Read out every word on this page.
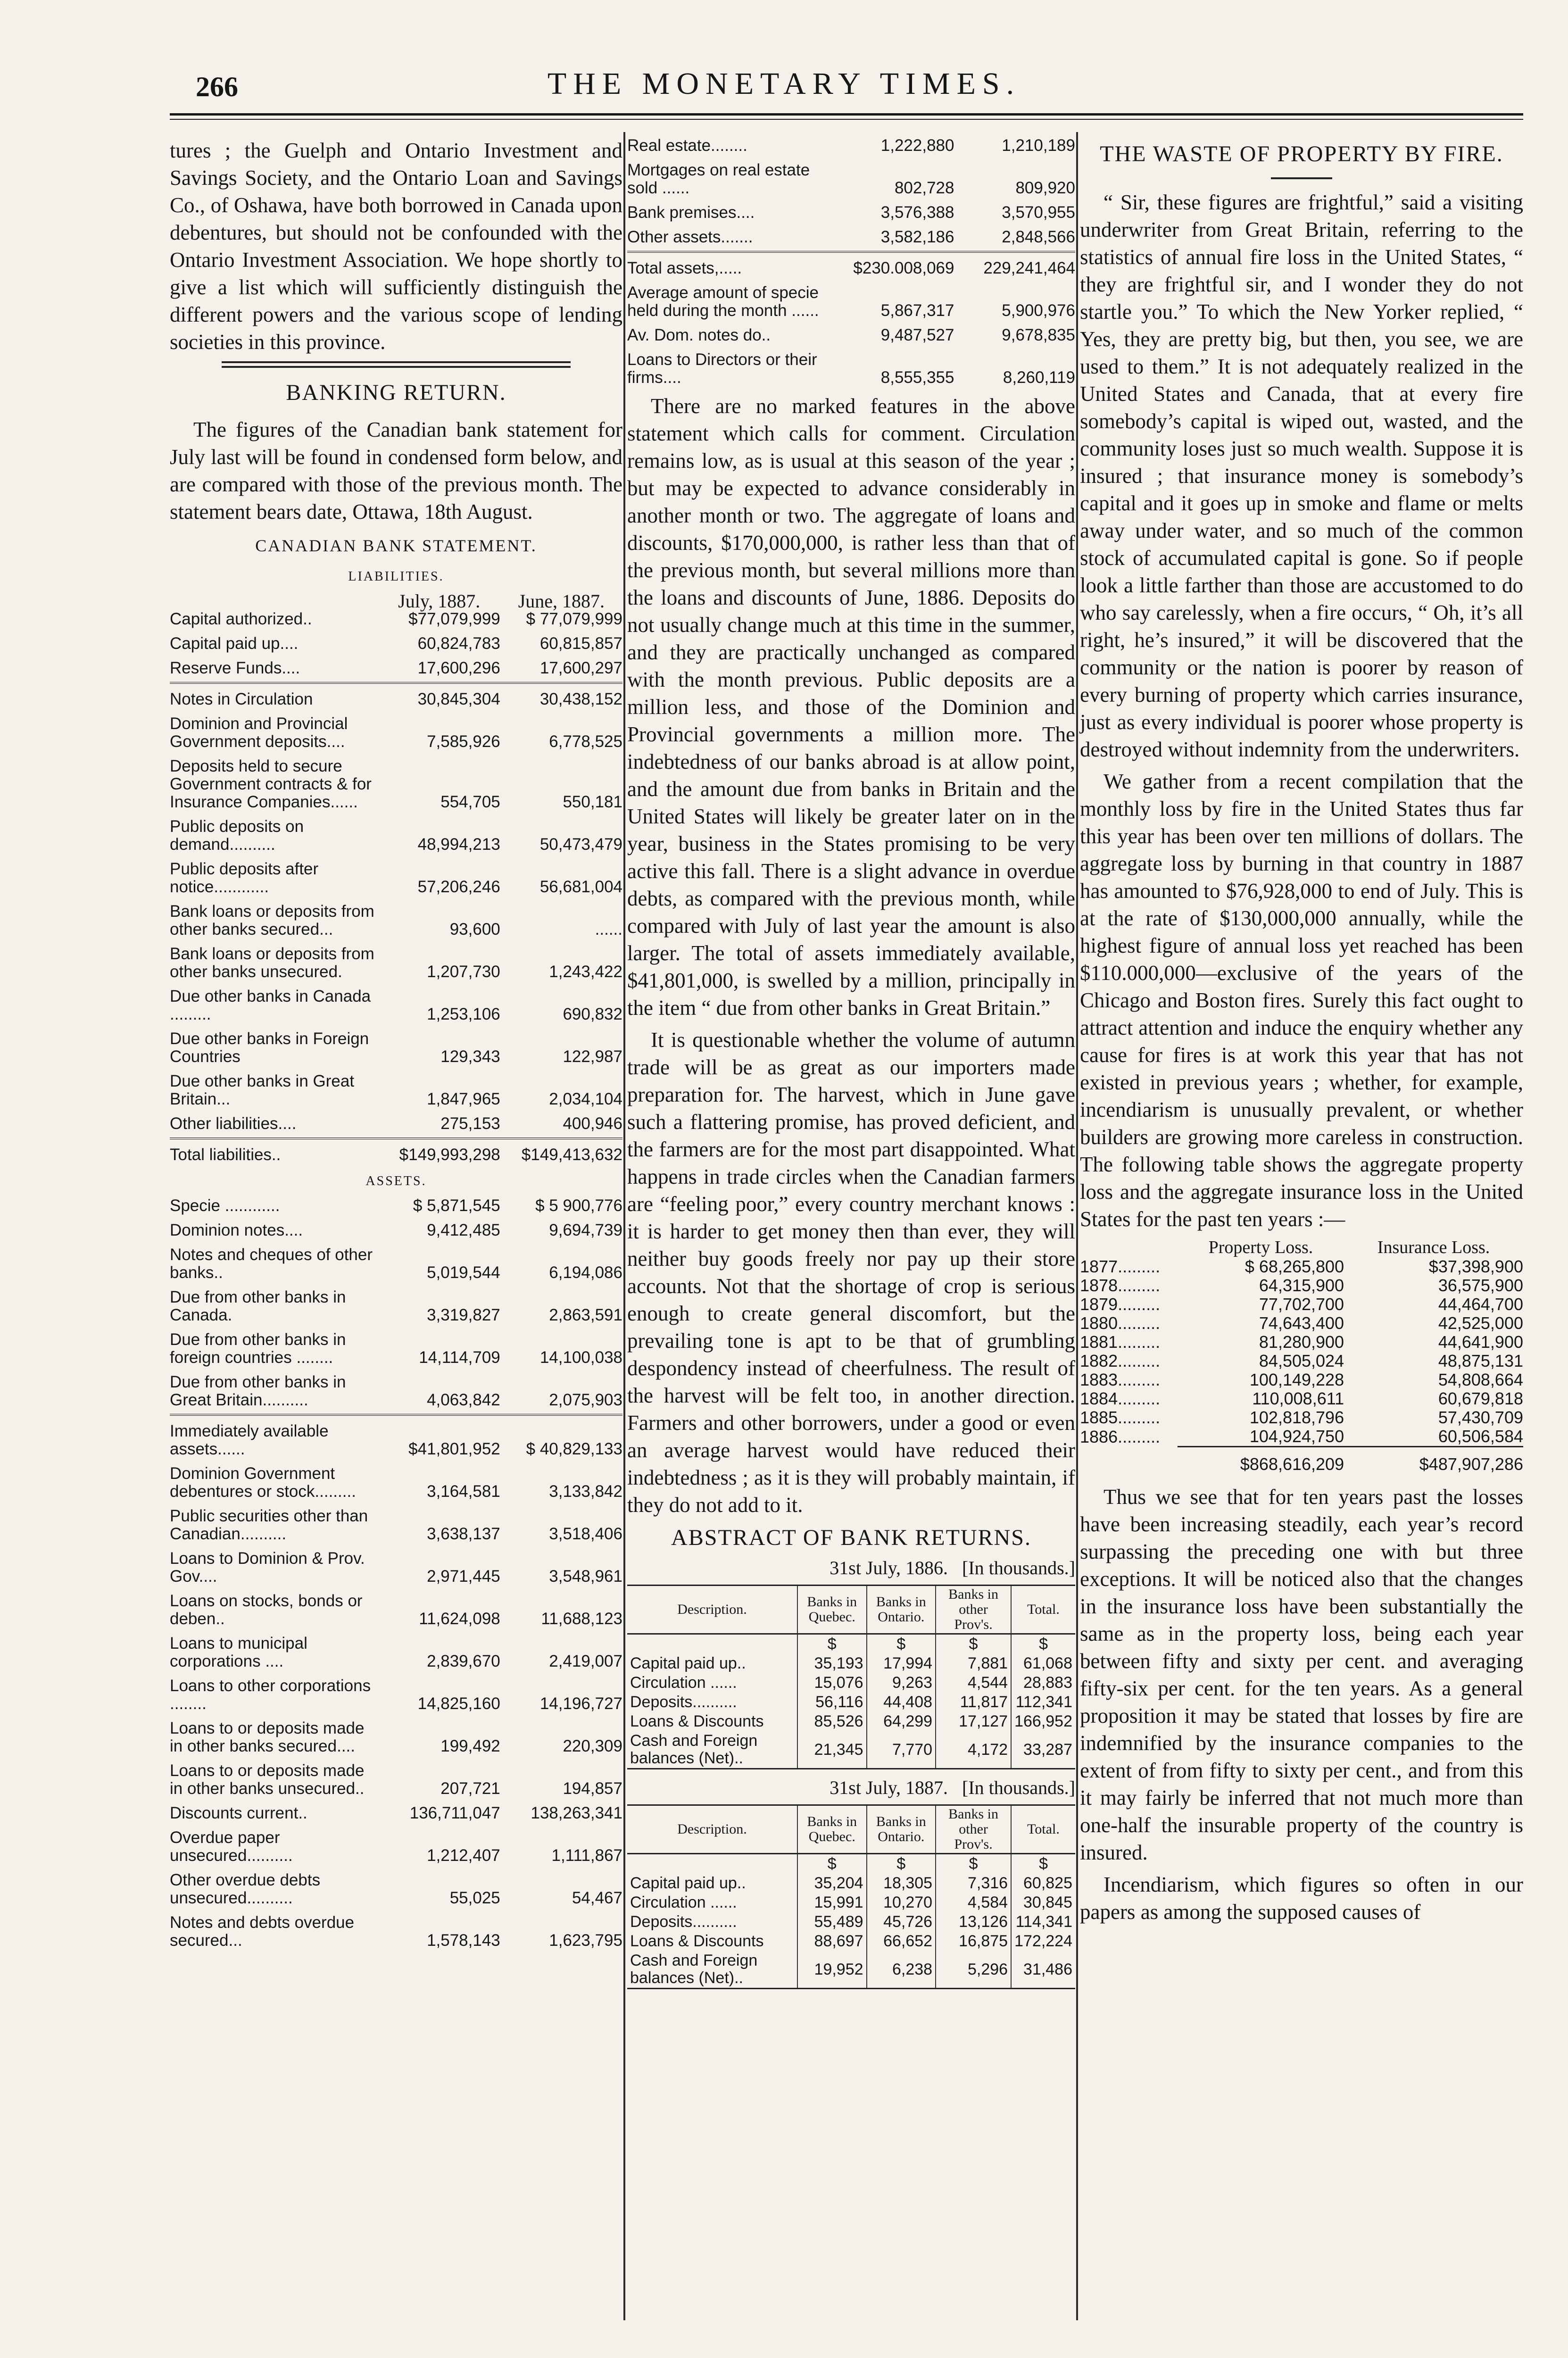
266	THE MONETARY TIMES.

tures ; the Guelph and Ontario Investment and Savings Society, and the Ontario Loan and Savings Co., of Oshawa, have both borrowed in Canada upon debentures, but should not be confounded with the Ontario Investment Association. We hope shortly to give a list which will sufficiently distinguish the different powers and the various scope of lending societies in this province.

BANKING RETURN.

The figures of the Canadian bank statement for July last will be found in condensed form below, and are compared with those of the previous month. The statement bears date, Ottawa, 18th August.

CANADIAN BANK STATEMENT.
LIABILITIES.
	July, 1887.	June, 1887.
Capital authorized..	$77,079,999	$ 77,079,999
Capital paid up....	60,824,783	60,815,857
Reserve Funds....	17,600,296	17,600,297
Notes in Circulation	30,845,304	30,438,152
Dominion and Provincial Government deposits....	7,585,926	6,778,525
Deposits held to secure Government contracts & for Insurance Companies......	554,705	550,181
Public deposits on demand..........	48,994,213	50,473,479
Public deposits after notice............	57,206,246	56,681,004
Bank loans or deposits from other banks secured...	93,600	......
Bank loans or deposits from other banks unsecured.	1,207,730	1,243,422
Due other banks in Canada .........	1,253,106	690,832
Due other banks in Foreign Countries	129,343	122,987
Due other banks in Great Britain...	1,847,965	2,034,104
Other liabilities....	275,153	400,946
Total liabilities..	$149,993,298	$149,413,632
ASSETS.
Specie ............	$ 5,871,545	$ 5 900,776
Dominion notes....	9,412,485	9,694,739
Notes and cheques of other banks..	5,019,544	6,194,086
Due from other banks in Canada.	3,319,827	2,863,591
Due from other banks in foreign countries ........	14,114,709	14,100,038
Due from other banks in Great Britain..........	4,063,842	2,075,903
Immediately available assets......	$41,801,952	$ 40,829,133
Dominion Government debentures or stock.........	3,164,581	3,133,842
Public securities other than Canadian..........	3,638,137	3,518,406
Loans to Dominion & Prov. Gov....	2,971,445	3,548,961
Loans on stocks, bonds or deben..	11,624,098	11,688,123
Loans to municipal corporations ....	2,839,670	2,419,007
Loans to other corporations ........	14,825,160	14,196,727
Loans to or deposits made in other banks secured....	199,492	220,309
Loans to or deposits made in other banks unsecured..	207,721	194,857
Discounts current..	136,711,047	138,263,341
Overdue paper unsecured..........	1,212,407	1,111,867
Other overdue debts unsecured..........	55,025	54,467
Notes and debts overdue secured...	1,578,143	1,623,795
Real estate........	1,222,880	1,210,189
Mortgages on real estate sold ......	802,728	809,920
Bank premises....	3,576,388	3,570,955
Other assets.......	3,582,186	2,848,566
Total assets,.....	$230.008,069	229,241,464
Average amount of specie held during the month ......	5,867,317	5,900,976
Av. Dom. notes do..	9,487,527	9,678,835
Loans to Directors or their firms....	8,555,355	8,260,119

There are no marked features in the above statement which calls for comment. Circulation remains low, as is usual at this season of the year ; but may be expected to advance considerably in another month or two. The aggregate of loans and discounts, $170,000,000, is rather less than that of the previous month, but several millions more than the loans and discounts of June, 1886. Deposits do not usually change much at this time in the summer, and they are practically unchanged as compared with the month previous. Public deposits are a million less, and those of the Dominion and Provincial governments a million more. The indebtedness of our banks abroad is at allow point, and the amount due from banks in Britain and the United States will likely be greater later on in the year, business in the States promising to be very active this fall. There is a slight advance in overdue debts, as compared with the previous month, while compared with July of last year the amount is also larger. The total of assets immediately available, $41,801,000, is swelled by a million, principally in the item “ due from other banks in Great Britain.”

It is questionable whether the volume of autumn trade will be as great as our importers made preparation for. The harvest, which in June gave such a flattering promise, has proved deficient, and the farmers are for the most part disappointed. What happens in trade circles when the Canadian farmers are “feeling poor,” every country merchant knows : it is harder to get money then than ever, they will neither buy goods freely nor pay up their store accounts. Not that the shortage of crop is serious enough to create general discomfort, but the prevailing tone is apt to be that of grumbling despondency instead of cheerfulness. The result of the harvest will be felt too, in another direction. Farmers and other borrowers, under a good or even an average harvest would have reduced their indebtedness ; as it is they will probably maintain, if they do not add to it.

ABSTRACT OF BANK RETURNS.
31st July, 1886. [In thousands.]
Description.	Banks in Quebec.	Banks in Ontario.	Banks in other Prov's.	Total.
	$	$	$	$
Capital paid up..	35,193	17,994	7,881	61,068
Circulation ......	15,076	9,263	4,544	28,883
Deposits..........	56,116	44,408	11,817	112,341
Loans & Discounts	85,526	64,299	17,127	166,952
Cash and Foreign balances (Net)..	21,345	7,770	4,172	33,287
31st July, 1887. [In thousands.]
Description.	Banks in Quebec.	Banks in Ontario.	Banks in other Prov's.	Total.
	$	$	$	$
Capital paid up..	35,204	18,305	7,316	60,825
Circulation ......	15,991	10,270	4,584	30,845
Deposits..........	55,489	45,726	13,126	114,341
Loans & Discounts	88,697	66,652	16,875	172,224
Cash and Foreign balances (Net)..	19,952	6,238	5,296	31,486
THE WASTE OF PROPERTY BY FIRE.

“ Sir, these figures are frightful,” said a visiting underwriter from Great Britain, referring to the statistics of annual fire loss in the United States, “ they are frightful sir, and I wonder they do not startle you.” To which the New Yorker replied, “ Yes, they are pretty big, but then, you see, we are used to them.” It is not adequately realized in the United States and Canada, that at every fire somebody’s capital is wiped out, wasted, and the community loses just so much wealth. Suppose it is insured ; that insurance money is somebody’s capital and it goes up in smoke and flame or melts away under water, and so much of the common stock of accumulated capital is gone. So if people look a little farther than those are accustomed to do who say carelessly, when a fire occurs, “ Oh, it’s all right, he’s insured,” it will be discovered that the community or the nation is poorer by reason of every burning of property which carries insurance, just as every individual is poorer whose property is destroyed without indemnity from the underwriters.

We gather from a recent compilation that the monthly loss by fire in the United States thus far this year has been over ten millions of dollars. The aggregate loss by burning in that country in 1887 has amounted to $76,928,000 to end of July. This is at the rate of $130,000,000 annually, while the highest figure of annual loss yet reached has been $110.000,000—exclusive of the years of the Chicago and Boston fires. Surely this fact ought to attract attention and induce the enquiry whether any cause for fires is at work this year that has not existed in previous years ; whether, for example, incendiarism is unusually prevalent, or whether builders are growing more careless in construction. The following table shows the aggregate property loss and the aggregate insurance loss in the United States for the past ten years :—

	Property Loss.	Insurance Loss.
1877.........	$ 68,265,800	$37,398,900
1878.........	64,315,900	36,575,900
1879.........	77,702,700	44,464,700
1880.........	74,643,400	42,525,000
1881.........	81,280,900	44,641,900
1882.........	84,505,024	48,875,131
1883.........	100,149,228	54,808,664
1884.........	110,008,611	60,679,818
1885.........	102,818,796	57,430,709
1886.........	104,924,750	60,506,584
	$868,616,209	$487,907,286

Thus we see that for ten years past the losses have been increasing steadily, each year’s record surpassing the preceding one with but three exceptions. It will be noticed also that the changes in the insurance loss have been substantially the same as in the property loss, being each year between fifty and sixty per cent. and averaging fifty-six per cent. for the ten years. As a general proposition it may be stated that losses by fire are indemnified by the insurance companies to the extent of from fifty to sixty per cent., and from this it may fairly be inferred that not much more than one-half the insurable property of the country is insured.

Incendiarism, which figures so often in our papers as among the supposed causes of
